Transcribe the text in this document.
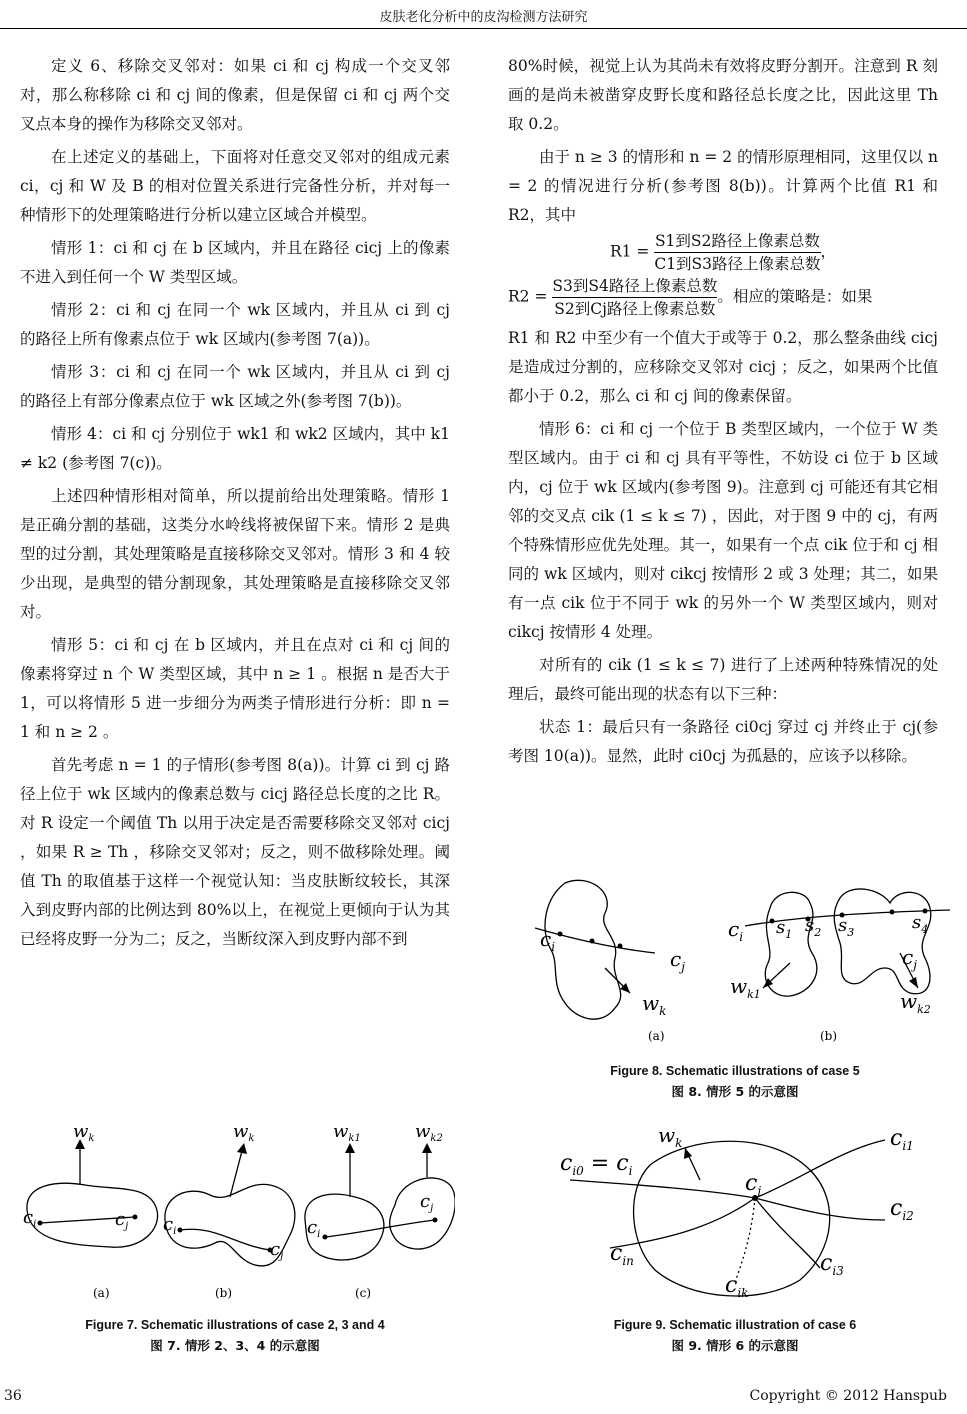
皮肤老化分析中的皮沟检测方法研究

定义 6、移除交叉邻对：如果 ci 和 cj 构成一个交叉邻对，那么称移除 ci 和 cj 间的像素，但是保留 ci 和 cj 两个交叉点本身的操作为移除交叉邻对。

在上述定义的基础上，下面将对任意交叉邻对的组成元素 ci，cj 和 W 及 B 的相对位置关系进行完备性分析，并对每一种情形下的处理策略进行分析以建立区域合并模型。

情形 1：ci 和 cj 在 b 区域内，并且在路径 cicj 上的像素不进入到任何一个 W 类型区域。

情形 2：ci 和 cj 在同一个 wk 区域内，并且从 ci 到 cj 的路径上所有像素点位于 wk 区域内(参考图 7(a))。

情形 3：ci 和 cj 在同一个 wk 区域内，并且从 ci 到 cj 的路径上有部分像素点位于 wk 区域之外(参考图 7(b))。

情形 4：ci 和 cj 分别位于 wk1 和 wk2 区域内，其中 k1 ≠ k2 (参考图 7(c))。

上述四种情形相对简单，所以提前给出处理策略。情形 1 是正确分割的基础，这类分水岭线将被保留下来。情形 2 是典型的过分割，其处理策略是直接移除交叉邻对。情形 3 和 4 较少出现，是典型的错分割现象，其处理策略是直接移除交叉邻对。

情形 5：ci 和 cj 在 b 区域内，并且在点对 ci 和 cj 间的像素将穿过 n 个 W 类型区域，其中 n ≥ 1 。根据 n 是否大于 1，可以将情形 5 进一步细分为两类子情形进行分析：即 n = 1 和 n ≥ 2 。

首先考虑 n = 1 的子情形(参考图 8(a))。计算 ci 到 cj 路径上位于 wk 区域内的像素总数与 cicj 路径总长度的之比 R。对 R 设定一个阈值 Th 以用于决定是否需要移除交叉邻对 cicj ，如果 R ≥ Th ，移除交叉邻对；反之，则不做移除处理。阈值 Th 的取值基于这样一个视觉认知：当皮肤断纹较长，其深入到皮野内部的比例达到 80%以上，在视觉上更倾向于认为其已经将皮野一分为二；反之，当断纹深入到皮野内部不到

80%时候，视觉上认为其尚未有效将皮野分割开。注意到 R 刻画的是尚未被凿穿皮野长度和路径总长度之比，因此这里 Th 取 0.2。

由于 n ≥ 3 的情形和 n = 2 的情形原理相同，这里仅以 n = 2 的情况进行分析(参考图 8(b))。计算两个比值 R1 和 R2，其中
R1 =
S1到S2路径上像素总数
C1到S3路径上像素总数
，
R2 =
S3到S4路径上像素总数
S2到Cj路径上像素总数
。相应的策略是：如果

R1 和 R2 中至少有一个值大于或等于 0.2，那么整条曲线 cicj 是造成过分割的，应移除交叉邻对 cicj ；反之，如果两个比值都小于 0.2，那么 ci 和 cj 间的像素保留。

情形 6：ci 和 cj 一个位于 B 类型区域内，一个位于 W 类型区域内。由于 ci 和 cj 具有平等性，不妨设 ci 位于 b 区域内，cj 位于 wk 区域内(参考图 9)。注意到 cj 可能还有其它相邻的交叉点 cik (1 ≤ k ≤ 7) ，因此，对于图 9 中的 cj，有两个特殊情形应优先处理。其一，如果有一个点 cik 位于和 cj 相同的 wk 区域内，则对 cikcj 按情形 2 或 3 处理；其二，如果有一点 cik 位于不同于 wk 的另外一个 W 类型区域内，则对 cikcj 按情形 4 处理。

对所有的 cik (1 ≤ k ≤ 7) 进行了上述两种特殊情况的处理后，最终可能出现的状态有以下三种：

状态 1：最后只有一条路径 ci0cj 穿过 cj 并终止于 cj(参考图 10(a))。显然，此时 ci0cj 为孤悬的，应该予以移除。

$c_i$	$c_j$
$w_k$
(a)
$c_i$ $s_1$ $s_2$ $s_3$	$s_4$
$c_j$
$w_{k1}$	$w_{k2}$
(b)
Figure 8. Schematic illustrations of case 5
图 8. 情形 5 的示意图
$c_{i0} = c_i$
$w_k$
$c_j$
$c_{i1}$
$c_{i2}$
$c_{in}$	$c_{i3}$
$c_{ik}$
Figure 9. Schematic illustration of case 6
图 9. 情形 6 的示意图
$w_k$
$c_i$	$c_j$
(a)
$w_k$
$c_i$
$c_j$
(b)
$w_{k1}$	$w_{k2}$
$c_i$
$c_j$
(c)
Figure 7. Schematic illustrations of case 2, 3 and 4
图 7. 情形 2、3、4 的示意图
36	Copyright © 2012 Hanspub
